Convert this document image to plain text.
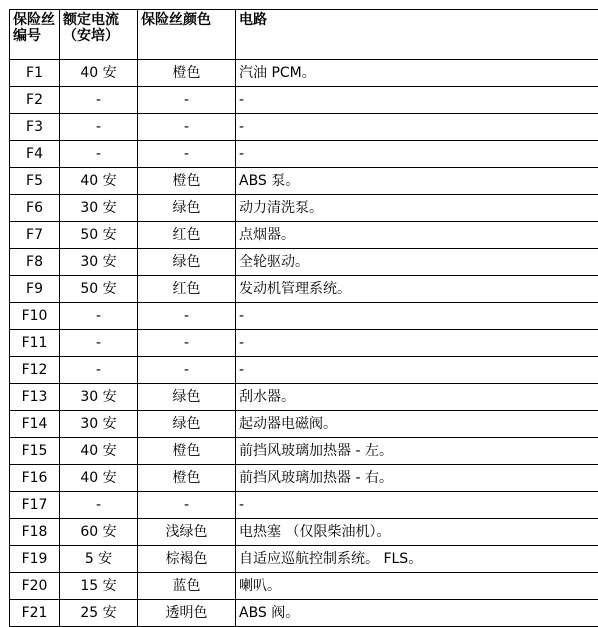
保险丝编号	额定电流（安培）	保险丝颜色	电路
F1	40 安	橙色	汽油 PCM。
F2	-	-	-
F3	-	-	-
F4	-	-	-
F5	40 安	橙色	ABS 泵。
F6	30 安	绿色	动力清洗泵。
F7	50 安	红色	点烟器。
F8	30 安	绿色	全轮驱动。
F9	50 安	红色	发动机管理系统。
F10	-	-	-
F11	-	-	-
F12	-	-	-
F13	30 安	绿色	刮水器。
F14	30 安	绿色	起动器电磁阀。
F15	40 安	橙色	前挡风玻璃加热器 - 左。
F16	40 安	橙色	前挡风玻璃加热器 - 右。
F17	-	-	-
F18	60 安	浅绿色	电热塞 （仅限柴油机）。
F19	5 安	棕褐色	自适应巡航控制系统。 FLS。
F20	15 安	蓝色	喇叭。
F21	25 安	透明色	ABS 阀。
